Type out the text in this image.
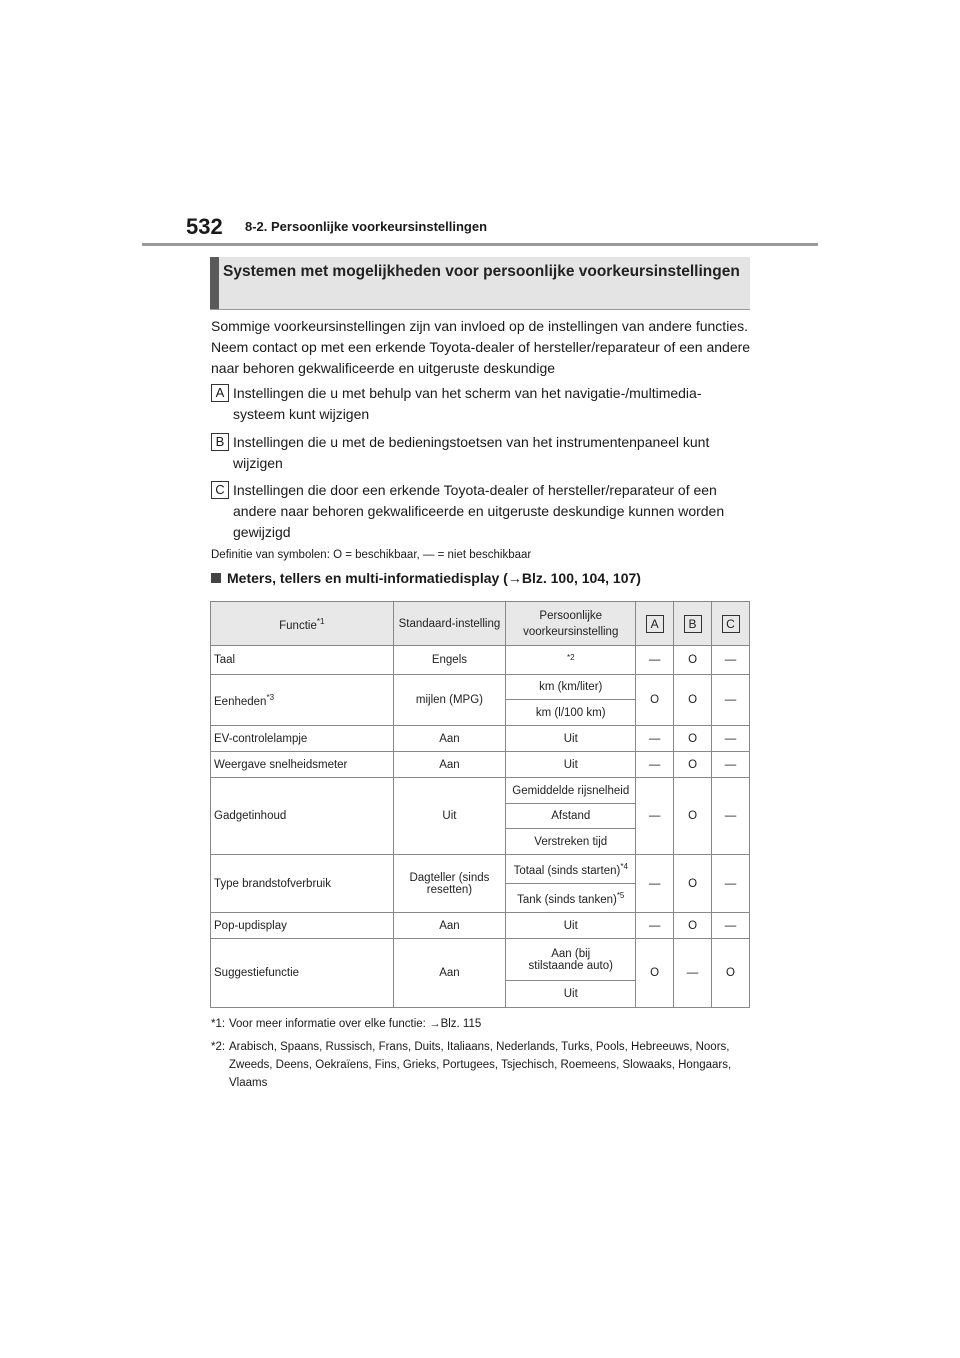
532 8-2. Persoonlijke voorkeursinstellingen
Systemen met mogelijkheden voor persoonlijke voorkeursinstellingen
Sommige voorkeursinstellingen zijn van invloed op de instellingen van andere functies. Neem contact op met een erkende Toyota-dealer of hersteller/reparateur of een andere naar behoren gekwalificeerde en uitgeruste deskundige
A Instellingen die u met behulp van het scherm van het navigatie-/multimedia-systeem kunt wijzigen
B Instellingen die u met de bedieningstoetsen van het instrumentenpaneel kunt wijzigen
C Instellingen die door een erkende Toyota-dealer of hersteller/reparateur of een andere naar behoren gekwalificeerde en uitgeruste deskundige kunnen worden gewijzigd
Definitie van symbolen: O = beschikbaar, — = niet beschikbaar
Meters, tellers en multi-informatiedisplay (→Blz. 100, 104, 107)
Functie$^{*1}$	Standaard-instelling	Persoonlijke voorkeursinstelling	A	B	C
Taal	Engels	$^{*2}$	—	O	—
Eenheden$^{*3}$	mijlen (MPG)	km (km/liter)	O	O	—
		km (l/100 km)			
EV-controlelampje	Aan	Uit	—	O	—
Weergave snelheidsmeter	Aan	Uit	—	O	—
Gadgetinhoud	Uit	Gemiddelde rijsnelheid	—	O	—
		Afstand			
		Verstreken tijd			
Type brandstofverbruik	Dagteller (sinds resetten)	Totaal (sinds starten)$^{*4}$	—	O	—
		Tank (sinds tanken)$^{*5}$
Pop-updisplay	Aan	Uit	—	O	—
Suggestiefunctie	Aan	Aan (bij stilstaande auto)	O	—	O
		Uit			
*1: Voor meer informatie over elke functie: →Blz. 115
*2: Arabisch, Spaans, Russisch, Frans, Duits, Italiaans, Nederlands, Turks, Pools, Hebreeuws, Noors, Zweeds, Deens, Oekraïens, Fins, Grieks, Portugees, Tsjechisch, Roemeens, Slowaaks, Hongaars, Vlaams
